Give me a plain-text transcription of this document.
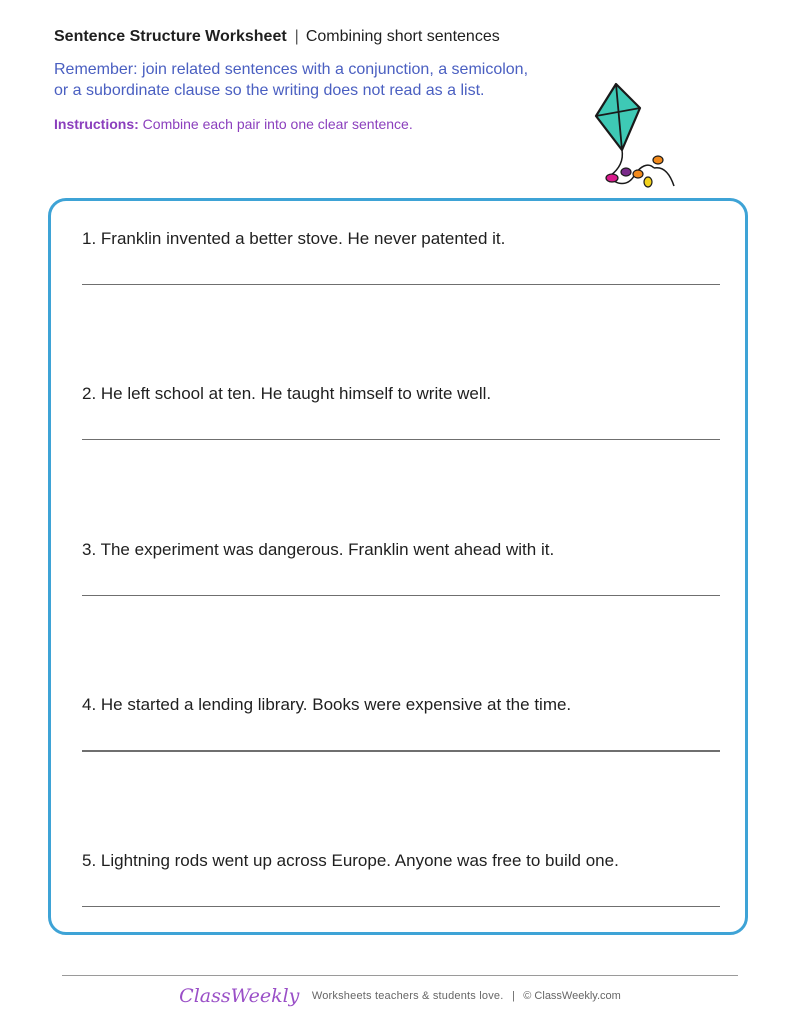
Sentence Structure Worksheet | Combining short sentences
Remember: join related sentences with a conjunction, a semicolon,
or a subordinate clause so the writing does not read as a list.
Instructions: Combine each pair into one clear sentence.
1. Franklin invented a better stove. He never patented it.
2. He left school at ten. He taught himself to write well.
3. The experiment was dangerous. Franklin went ahead with it.
4. He started a lending library. Books were expensive at the time.
5. Lightning rods went up across Europe. Anyone was free to build one.
ClassWeekly Worksheets teachers & students love. | © ClassWeekly.com
